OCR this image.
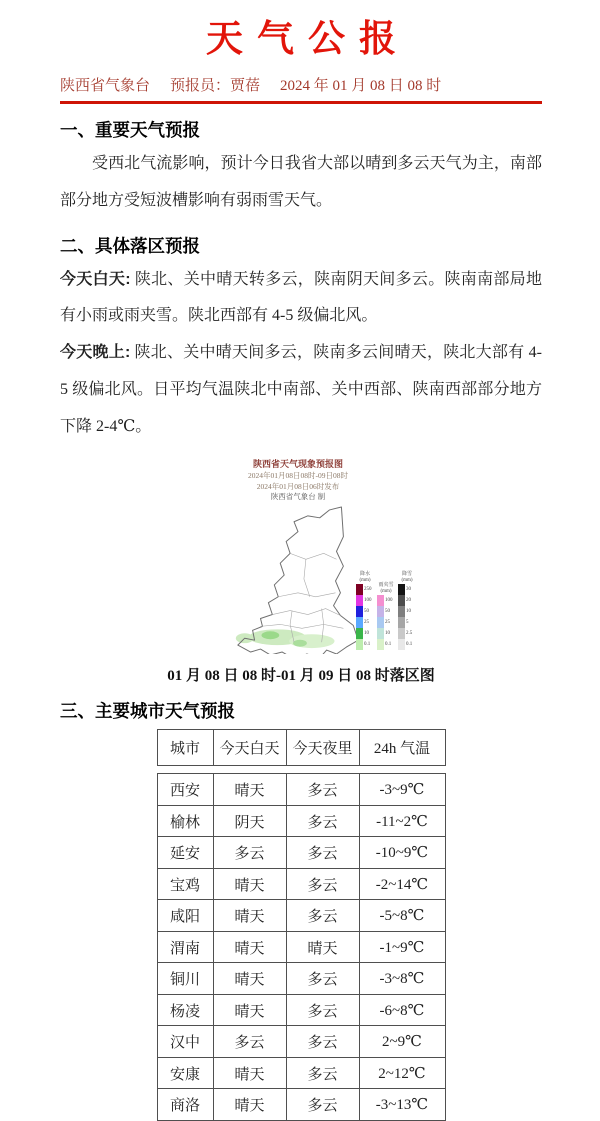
天气公报
陕西省气象台 预报员：贾蓓 2024 年 01 月 08 日 08 时
一、重要天气预报

受西北气流影响，预计今日我省大部以晴到多云天气为主，南部部分地方受短波槽影响有弱雨雪天气。

二、具体落区预报

今天白天: 陕北、关中晴天转多云，陕南阴天间多云。陕南南部局地有小雨或雨夹雪。陕北西部有 4-5 级偏北风。

今天晚上: 陕北、关中晴天间多云，陕南多云间晴天，陕北大部有 4-5 级偏北风。日平均气温陕北中南部、关中西部、陕南西部部分地方下降 2-4℃。

陕西省天气现象预报图
2024年01月08日08时-09日08时
2024年01月08日06时发布
陕西省气象台 制
降水
(mm)
250
100
50
25
10
0.1
雨夹雪
(mm)
100
50
25
10
0.1
降雪
(mm)
30
20
10
5
2.5
0.1
01 月 08 日 08 时-01 月 09 日 08 时落区图
三、主要城市天气预报
城市	今天白天	今天夜里	24h 气温
西安	晴天	多云	-3~9℃
榆林	阴天	多云	-11~2℃
延安	多云	多云	-10~9℃
宝鸡	晴天	多云	-2~14℃
咸阳	晴天	多云	-5~8℃
渭南	晴天	晴天	-1~9℃
铜川	晴天	多云	-3~8℃
杨凌	晴天	多云	-6~8℃
汉中	多云	多云	2~9℃
安康	晴天	多云	2~12℃
商洛	晴天	多云	-3~13℃
